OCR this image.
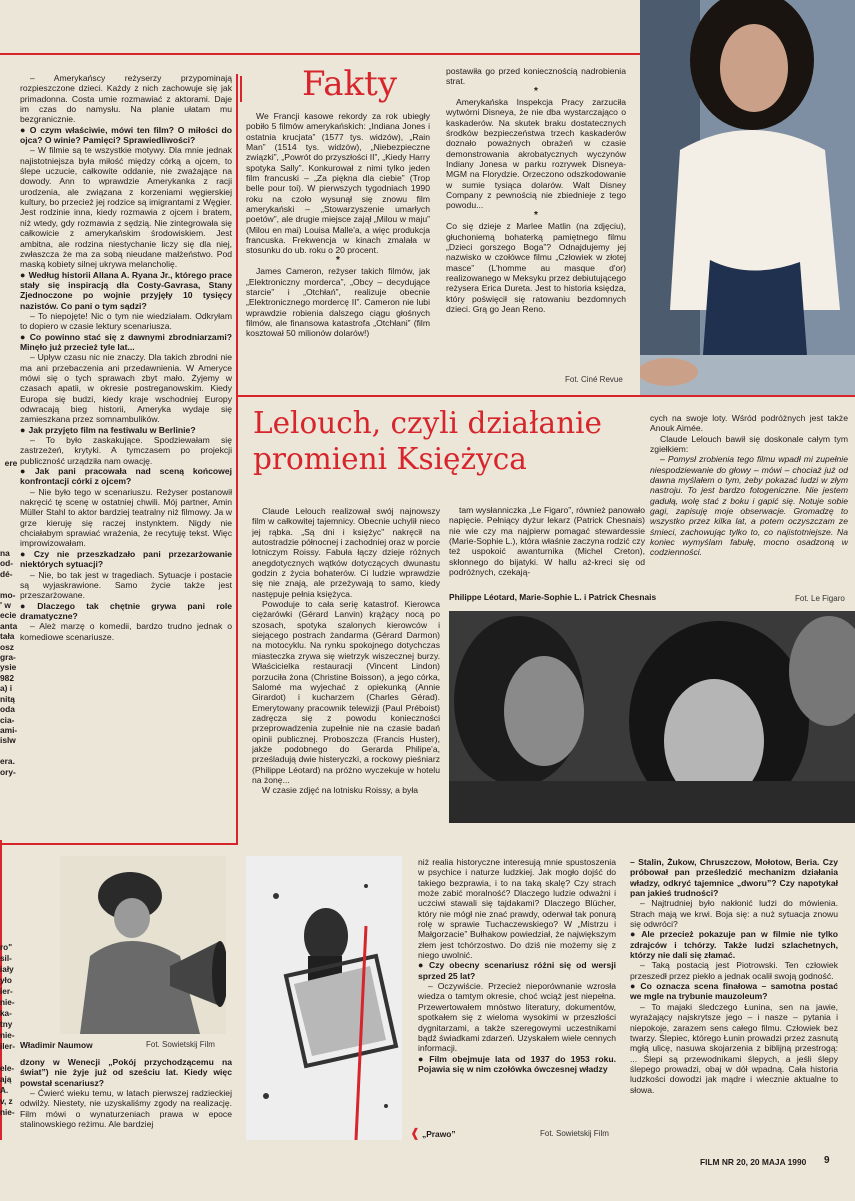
ere

na
od-
dé-

mo-
' w
ecie
anta
tała
osz
gra-
ysie
982
a) i
nitą
oda
cia-
ami-
islw

era.
ory-
ro"
sil-
iały
yło
ier-
nie-
ka-
tny
nie-
iler-

ele-
ają
A.
v, z
nie-

– Amerykańscy reżyserzy przypominają rozpieszczone dzieci. Każdy z nich zachowuje się jak primadonna. Costa umie rozmawiać z aktorami. Daje im czas do namysłu. Na planie ułatam mu bezgranicznie.

● O czym właściwie, mówi ten film? O miłości do ojca? O winie? Pamięci? Sprawiedliwości?

– W filmie są te wszystkie motywy. Dla mnie jednak najistotniejsza była miłość między córką a ojcem, to ślepe uczucie, całkowite oddanie, nie zważające na dowody. Ann to wprawdzie Amerykanka z racji urodzenia, ale związana z korzeniami węgierskiej kultury, bo przecież jej rodzice są imigrantami z Węgier. Jest rodzinie inna, kiedy rozmawia z ojcem i bratem, niż wtedy, gdy rozmawia z sędzią. Nie zintegrowała się całkowicie z amerykańskim środowiskiem. Jest ambitna, ale rodzina niestychanie liczy się dla niej, zwłaszcza że ma za sobą nieudane małżeństwo. Pod maską kobiety silnej ukrywa melancholię.

● Według historii Allana A. Ryana Jr., którego prace stały się inspiracją dla Costy-Gavrasa, Stany Zjednoczone po wojnie przyjęły 10 tysięcy nazistów. Co pani o tym sądzi?

– To niepojęte! Nic o tym nie wiedziałam. Odkryłam to dopiero w czasie lektury scenariusza.

● Co powinno stać się z dawnymi zbrodniarzami? Minęło już przecież tyle lat...

– Upływ czasu nic nie znaczy. Dla takich zbrodni nie ma ani przebaczenia ani przedawnienia. W Ameryce mówi się o tych sprawach zbyt mało. Żyjemy w czasach apatii, w okresie postreganowskim. Kiedy Europa się budzi, kiedy kraje wschodniej Europy odwracają bieg historii, Ameryka wydaje się zamieszkana przez somnambulików.

● Jak przyjęto film na festiwalu w Berlinie?

– To było zaskakujące. Spodziewałam się zastrzeżeń, krytyki. A tymczasem po projekcji publiczność urządziła nam owację.

● Jak pani pracowała nad sceną końcowej konfrontacji córki z ojcem?

– Nie było tego w scenariuszu. Reżyser postanowił nakręcić tę scenę w ostatniej chwili. Mój partner, Amin Müller Stahl to aktor bardziej teatralny niż filmowy. Ja w grze kieruję się raczej instynktem. Nigdy nie chciałabym sprawiać wrażenia, że recytuję tekst. Więc improwizowałam.

● Czy nie przeszkadzało pani przezarżowanie niektórych sytuacji?

– Nie, bo tak jest w tragediach. Sytuacje i postacie są wyjaskrawione. Samo życie także jest przeszarżowane.

● Dlaczego tak chętnie grywa pani role dramatyczne?

– Ależ marzę o komedii, bardzo trudno jednak o komediowe scenariusze.

Fakty

We Francji kasowe rekordy za rok ubiegły pobiło 5 filmów amerykańskich: „Indiana Jones i ostatnia krucjata” (1577 tys. widzów), „Rain Man” (1514 tys. widzów), „Niebezpieczne związki”, „Powrót do przyszłości II”, „Kiedy Harry spotyka Sally”. Konkurował z nimi tylko jeden film francuski – „Za piękna dla ciebie” (Trop belle pour toi). W pierwszych tygodniach 1990 roku na czoło wysunął się znowu film amerykański – „Stowarzyszenie umarłych poetów”, ale drugie miejsce zajął „Milou w maju” (Milou en mai) Louisa Malle'a, a więc produkcja francuska. Frekwencja w kinach zmalała w stosunku do ub. roku o 20 procent.

*

James Cameron, reżyser takich filmów, jak „Elektroniczny morderca”, „Obcy – decydujące starcie” i „Otchłań”, realizuje obecnie „Elektronicznego mordercę II”. Cameron nie lubi wprawdzie robienia dalszego ciągu głośnych filmów, ale finansowa katastrofa „Otchłani” (film kosztował 50 milionów dolarów!)

postawiła go przed koniecznością nadrobienia strat.

*

Amerykańska Inspekcja Pracy zarzuciła wytwórni Disneya, że nie dba wystarczająco o kaskaderów. Na skutek braku dostatecznych środków bezpieczeństwa trzech kaskaderów doznało poważnych obrażeń w czasie demonstrowania akrobatycznych wyczynów Indiany Jonesa w parku rozrywek Disneya-MGM na Florydzie. Orzeczono odszkodowanie w sumie tysiąca dolarów. Walt Disney Company z pewnością nie zbiednieje z tego powodu...

*

Co się dzieje z Marlee Matlin (na zdjęciu), głuchoniemą bohaterką pamiętnego filmu „Dzieci gorszego Boga”? Odnajdujemy jej nazwisko w czołówce filmu „Człowiek w złotej masce” (L'homme au masque d'or) realizowanego w Meksyku przez debiutującego reżysera Erica Dureta. Jest to historia księdza, który poświęcił się ratowaniu bezdomnych dzieci. Grą go Jean Reno.

Fot. Ciné Revue
Lelouch, czyli działanie
promieni Księżyca

Claude Lelouch realizował swój najnowszy film w całkowitej tajemnicy. Obecnie uchylił nieco jej rąbka. „Są dni i księżyc” nakręcił na autostradzie północnej i zachodniej oraz w porcie lotniczym Roissy. Fabuła łączy dzieje różnych anegdotycznych wątków dotyczących dwunastu godzin z życia bohaterów. Ci ludzie wprawdzie się nie znają, ale przeżywają to samo, kiedy następuje pełnia księżyca.

Powoduje to cała serię katastrof. Kierowca ciężarówki (Gérard Lanvin) krążący nocą po szosach, spotyka szalonych kierowców i siejącego postrach żandarma (Gérard Darmon) na motocyklu. Na rynku spokojnego dotychczas miasteczka zrywa się wietrzyk wiszecznej burzy. Właścicielka restauracji (Vincent Lindon) porzuciła żona (Christine Boisson), a jego córka, Salomé ma wyjechać z opiekunką (Annie Girardot) i kucharzem (Charles Gérad). Emerytowany pracownik telewizji (Paul Préboist) zadręcza się z powodu konieczności przeprowadzenia zupełnie nie na czasie badań opinii publicznej. Proboszcza (Francis Huster), jakże podobnego do Gerarda Philipe'a, prześladują dwie histeryczki, a rockowy pieśniarz (Philippe Léotard) na próżno wyczekuje w hotelu na żonę...

W czasie zdjęć na lotnisku Roissy, a była

tam wysłanniczka „Le Figaro”, również panowało napięcie. Pełniący dyżur lekarz (Patrick Chesnais) nie wie czy ma najpierw pomagać stewardessie (Marie-Sophie L.), która właśnie zaczyna rodzić czy też uspokoić awanturnika (Michel Creton), skłonnego do bijatyki. W hallu aż-kreci się od podróżnych, czekają-

cych na swoje loty. Wśród podróżnych jest także Anouk Aimée.

Claude Lelouch bawił się doskonale całym tym zgiełkiem:

– Pomysł zrobienia tego filmu wpadł mi zupełnie niespodziewanie do głowy – mówi – chociaż już od dawna myślałem o tym, żeby pokazać ludzi w złym nastroju. To jest bardzo fotogeniczne. Nie jestem gadułą, wolę stać z boku i gapić się. Notuje sobie gagi, zapisuję moje obserwacje. Gromadzę to wszystko przez kilka lat, a potem oczyszczam ze śmieci, zachowując tylko to, co najistotniejsze. Na koniec wymyślam fabułę, mocno osadzoną w codzienności.

Philippe Léotard, Marie-Sophie L. i Patrick Chesnais	Fot. Le Figaro
Władimir Naumow	Fot. Sowietskij Film
❰ „Prawo”	Fot. Sowietskij Film

dzony w Wenecji „Pokój przychodzącemu na świat”) nie żyje już od sześciu lat. Kiedy więc powstał scenariusz?

– Ćwierć wieku temu, w latach pierwszej radzieckiej odwilży. Niestety, nie uzyskaliśmy zgody na realizację. Film mówi o wynaturzeniach prawa w epoce stalinowskiego reżimu. Ale bardziej

niż realia historyczne interesują mnie spustoszenia w psychice i naturze ludzkiej. Jak mogło dojść do takiego bezprawia, i to na taką skalę? Czy strach może zabić moralność? Dlaczego ludzie odważni i uczciwi stawali się tajdakami? Dlaczego Blücher, który nie mógł nie znać prawdy, oderwał tak ponurą rolę w sprawie Tuchaczewskiego? W „Mistrzu i Małgorzacie” Bułhakow powiedział, że największym złem jest tchórzostwo. Do dziś nie możemy się z niego uwolnić.

● Czy obecny scenariusz różni się od wersji sprzed 25 lat?

– Oczywiście. Przecież nieporównanie wzrosła wiedza o tamtym okresie, choć wciąż jest niepełna. Przewertowałem mnóstwo literatury, dokumentów, spotkałem się z wieloma wysokimi w przeszłości dygnitarzami, a także szeregowymi uczestnikami bądź świadkami zdarzeń. Uzyskałem wiele cennych informacji.

● Film obejmuje lata od 1937 do 1953 roku. Pojawia się w nim czołówka ówczesnej władzy

– Stalin, Żukow, Chruszczow, Mołotow, Beria. Czy próbował pan prześledzić mechanizm działania władzy, odkryć tajemnice „dworu”? Czy napotykał pan jakieś trudności?

– Najtrudniej było nakłonić ludzi do mówienia. Strach mają we krwi. Boja się: a nuż sytuacja znowu się odwróci?

● Ale przecież pokazuje pan w filmie nie tylko zdrajców i tchórzy. Także ludzi szlachetnych, którzy nie dali się złamać.

– Taką postacią jest Piotrowski. Ten człowiek przeszedł przez piekło a jednak ocalił swoją godność.

● Co oznacza scena finałowa – samotna postać we mgle na trybunie mauzoleum?

– To majaki śledczego Łunina, sen na jawie, wyrażający najskrytsze jego – i nasze – pytania i niepokoje, zarazem sens całego filmu. Człowiek bez twarzy. Ślepiec, którego Łunin prowadzi przez zasnutą mgłą ulicę, nasuwa skojarzenia z biblijną przestrogą: ... Ślepi są przewodnikami ślepych, a jeśli ślepy ślepego prowadzi, obaj w dół wpadną. Cała historia ludzkości dowodzi jak mądre i wiecznie aktualne to słowa.

FILM NR 20, 20 MAJA 1990 9
